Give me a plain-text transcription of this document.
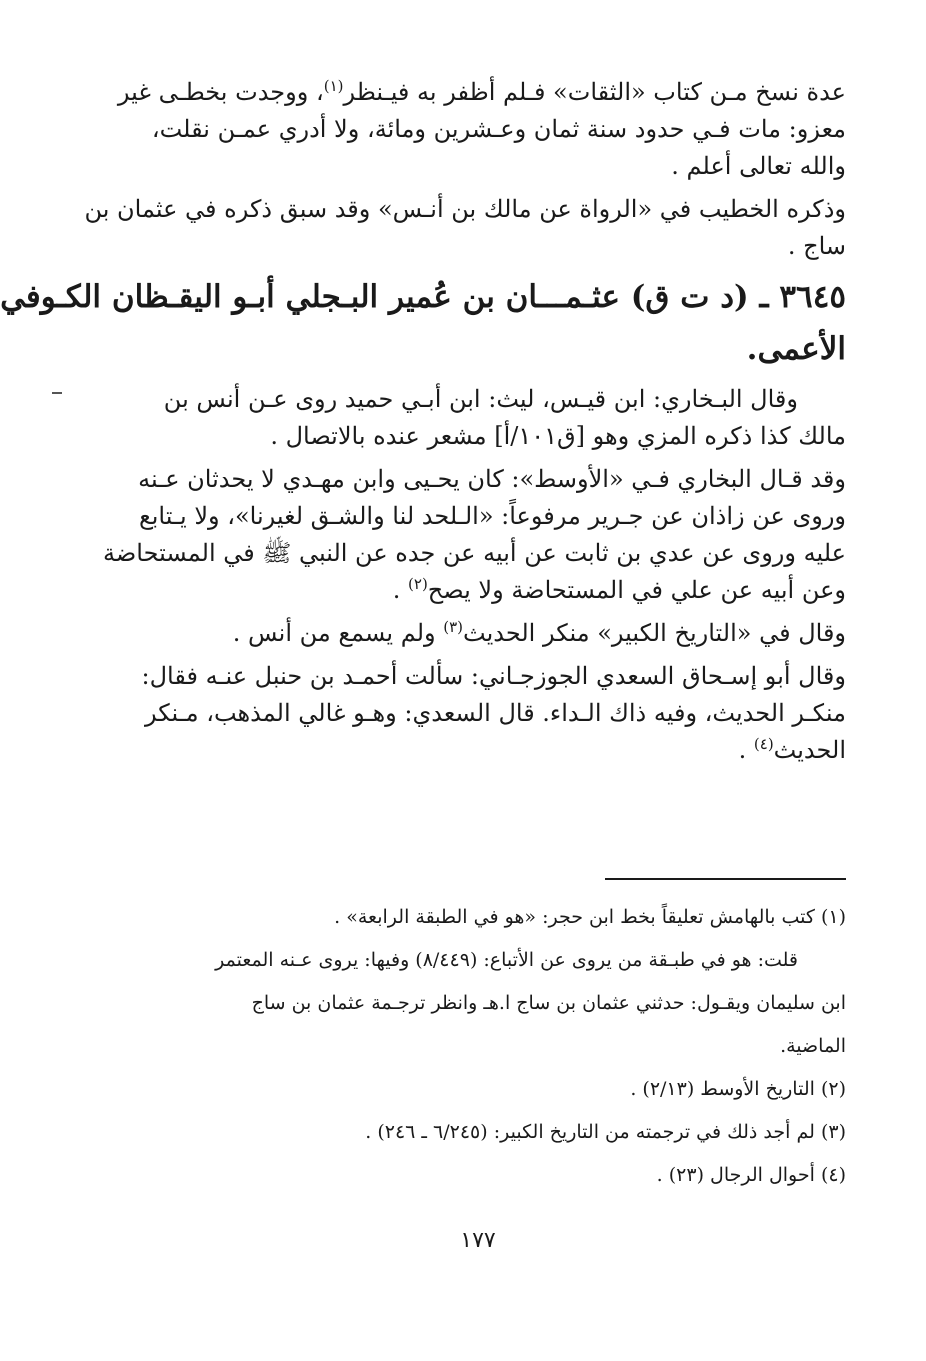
عدة نسخ مـن كتاب «الثقات» فـلم أظفر به فيـنظر$^{(١)}$، ووجدت بخطـى غير
معزو: مات فـي حدود سنة ثمان وعـشرين ومائة، ولا أدري عمـن نقلت،
والله تعالى أعلم .
وذكره الخطيب في «الرواة عن مالك بن أنـس» وقد سبق ذكره في عثمان بن
ساج .
٣٦٤٥ ـ (د ت ق) عثـمـــان بن عُمير البـجلي أبـو اليقـظان الكـوفي
الأعمى.
وقال البـخاري: ابن قيـس، ليث: ابن أبـي حميد روى عـن أنس بن
مالك كذا ذكره المزي وهو [ق١٠١/أ] مشعر عنده بالاتصال .
وقد قـال البخاري فـي «الأوسط»: كان يحـيى وابن مهـدي لا يحدثان عـنه
وروى عن زاذان عن جـرير مرفوعاً: «الـلحد لنا والشـق لغيرنا»، ولا يـتابع
عليه وروى عن عدي بن ثابت عن أبيه عن جده عن النبي ﷺ في المستحاضة
وعن أبيه عن علي في المستحاضة ولا يصح$^{(٢)}$ .
وقال في «التاريخ الكبير» منكر الحديث$^{(٣)}$ ولم يسمع من أنس .
وقال أبو إسـحاق السعدي الجوزجـاني: سألت أحمـد بن حنبل عنـه فقال:
منكـر الحديث، وفيه ذاك الـداء. قال السعدي: وهـو غالي المذهب، مـنكر
الحديث$^{(٤)}$ .
(١) كتب بالهامش تعليقاً بخط ابن حجر: «هو في الطبقة الرابعة» .
قلت: هو في طبـقة من يروى عن الأتباع: (٨/٤٤٩) وفيها: يروى عـنه المعتمر
ابن سليمان ويقـول: حدثني عثمان بن ساج ا.هـ وانظر ترجـمة عثمان بن ساج
الماضية.
(٢) التاريخ الأوسط (٢/١٣) .
(٣) لم أجد ذلك في ترجمته من التاريخ الكبير: (٦/٢٤٥ ـ ٢٤٦) .
(٤) أحوال الرجال (٢٣) .
١٧٧
